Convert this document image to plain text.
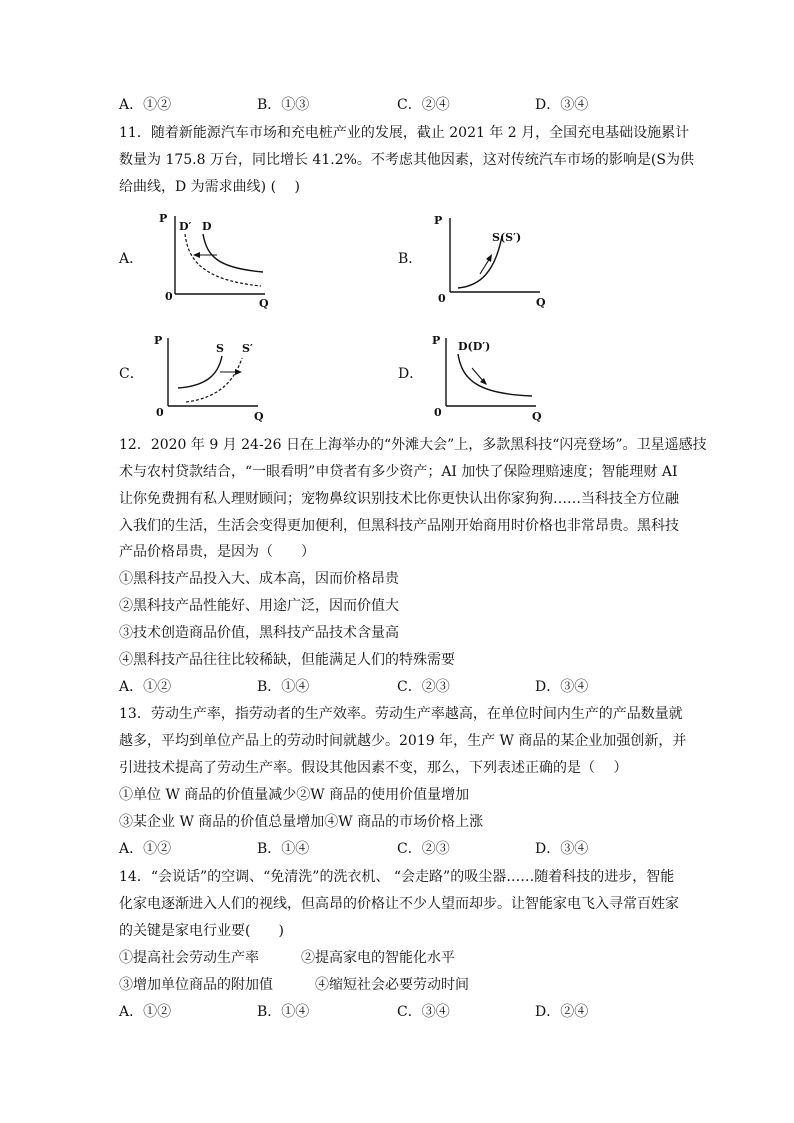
A．①②	B．①③	C．②④	D．③④
11．随着新能源汽车市场和充电桩产业的发展，截止 2021 年 2 月，全国充电基础设施累计
数量为 175.8 万台，同比增长 41.2%。不考虑其他因素，这对传统汽车市场的影响是(S为供
给曲线，D 为需求曲线) (　 )
A．
P
Q
0
D′ D
B．
P
Q
0
S(S′)
C．
P
Q
0
S S′
D．
P
Q
0
D(D′)
12．2020 年 9 月 24-26 日在上海举办的“外滩大会”上，多款黑科技“闪亮登场”。卫星遥感技
术与农村贷款结合，“一眼看明”申贷者有多少资产；AI 加快了保险理赔速度；智能理财 AI
让你免费拥有私人理财顾问；宠物鼻纹识别技术比你更快认出你家狗狗……当科技全方位融
入我们的生活，生活会变得更加便利，但黑科技产品刚开始商用时价格也非常昂贵。黑科技
产品价格昂贵，是因为（　　）
①黑科技产品投入大、成本高，因而价格昂贵
②黑科技产品性能好、用途广泛，因而价值大
③技术创造商品价值，黑科技产品技术含量高
④黑科技产品往往比较稀缺，但能满足人们的特殊需要
A．①②	B．①④	C．②③	D．③④
13．劳动生产率，指劳动者的生产效率。劳动生产率越高，在单位时间内生产的产品数量就
越多，平均到单位产品上的劳动时间就越少。2019 年，生产 W 商品的某企业加强创新，并
引进技术提高了劳动生产率。假设其他因素不变，那么，下列表述正确的是（　 ）
①单位 W 商品的价值量减少②W 商品的使用价值量增加
③某企业 W 商品的价值总量增加④W 商品的市场价格上涨
A．①②	B．①④	C．②③	D．③④
14．“会说话”的空调、“免清洗”的洗衣机、 “会走路”的吸尘器……随着科技的进步，智能
化家电逐渐进入人们的视线，但高昂的价格让不少人望而却步。让智能家电飞入寻常百姓家
的关键是家电行业要(　　)
①提高社会劳动生产率　　　②提高家电的智能化水平
③增加单位商品的附加值　　　④缩短社会必要劳动时间
A．①②	B．①④	C．③④	D．②④
